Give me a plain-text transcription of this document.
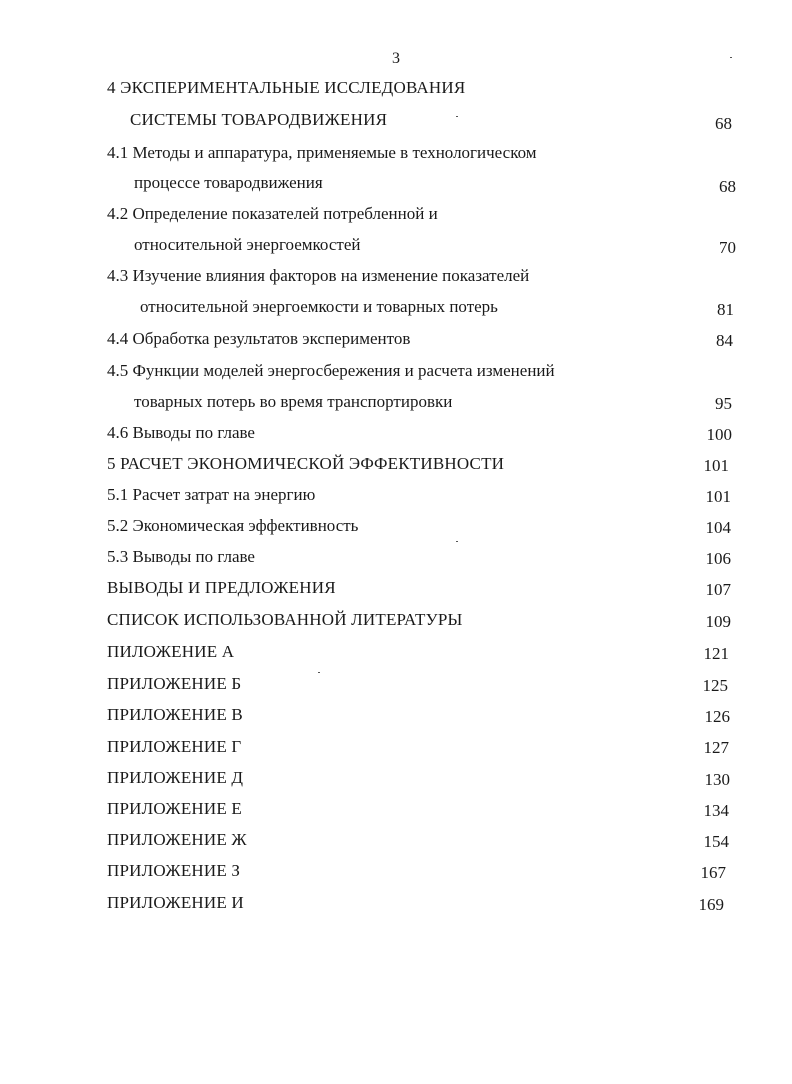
3
4 ЭКСПЕРИМЕНТАЛЬНЫЕ ИССЛЕДОВАНИЯ
СИСТЕМЫ ТОВАРОДВИЖЕНИЯ	68
4.1 Методы и аппаратура, применяемые в технологическом
процессе товародвижения	68
4.2 Определение показателей потребленной и
относительной энергоемкостей	70
4.3 Изучение влияния факторов на изменение показателей
относительной энергоемкости и товарных потерь	81
4.4 Обработка результатов экспериментов	84
4.5 Функции моделей энергосбережения и расчета изменений
товарных потерь во время транспортировки	95
4.6 Выводы по главе	100
5 РАСЧЕТ ЭКОНОМИЧЕСКОЙ ЭФФЕКТИВНОСТИ	101
5.1 Расчет затрат на энергию	101
5.2 Экономическая эффективность	104
5.3 Выводы по главе	106
ВЫВОДЫ И ПРЕДЛОЖЕНИЯ	107
СПИСОК ИСПОЛЬЗОВАННОЙ ЛИТЕРАТУРЫ	109
ПИЛОЖЕНИЕ А	121
ПРИЛОЖЕНИЕ Б	125
ПРИЛОЖЕНИЕ В	126
ПРИЛОЖЕНИЕ Г	127
ПРИЛОЖЕНИЕ Д	130
ПРИЛОЖЕНИЕ Е	134
ПРИЛОЖЕНИЕ Ж	154
ПРИЛОЖЕНИЕ З	167
ПРИЛОЖЕНИЕ И	169
